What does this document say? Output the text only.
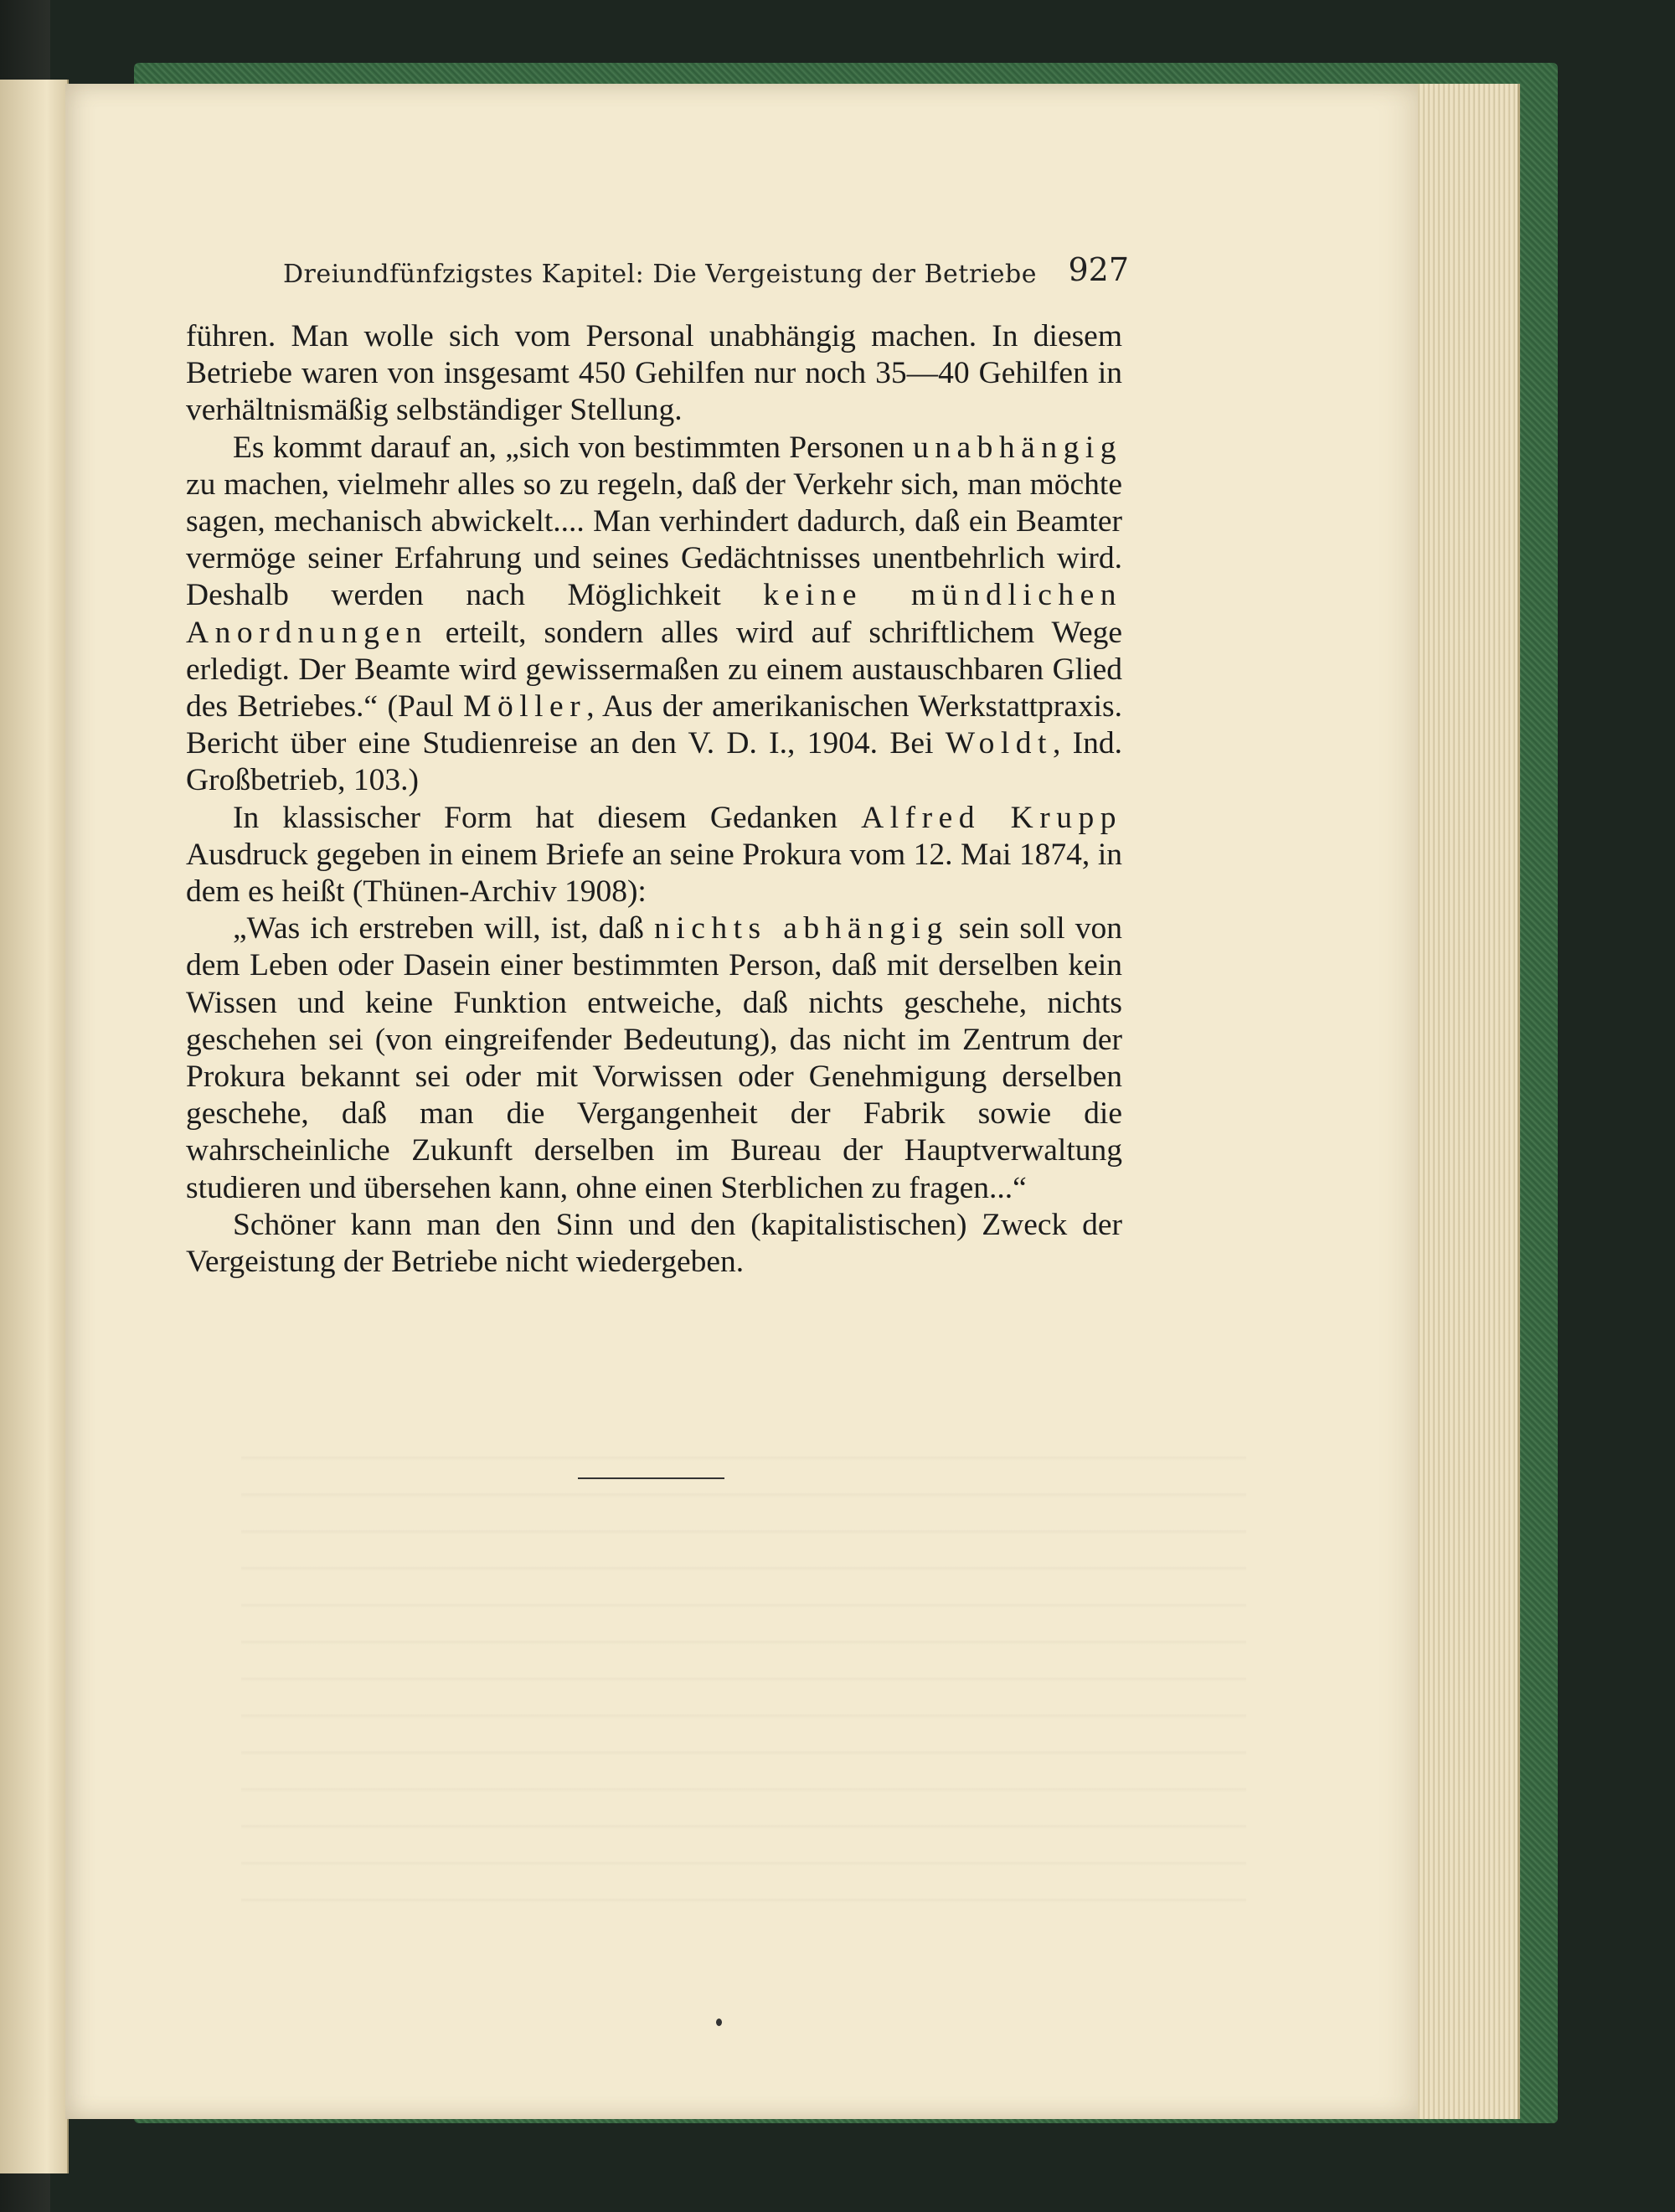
Dreiundfünfzigstes Kapitel: Die Vergeistung der Betriebe 927

führen. Man wolle sich vom Personal unabhängig machen. In diesem Betriebe waren von insgesamt 450 Gehilfen nur noch 35—40 Gehilfen in verhältnismäßig selbständiger Stellung.

Es kommt darauf an, „sich von bestimmten Personen unabhängig zu machen, vielmehr alles so zu regeln, daß der Verkehr sich, man möchte sagen, mechanisch abwickelt.... Man verhindert dadurch, daß ein Beamter vermöge seiner Erfahrung und seines Gedächtnisses unentbehrlich wird. Deshalb werden nach Möglichkeit keine mündlichen Anordnungen erteilt, sondern alles wird auf schriftlichem Wege erledigt. Der Beamte wird gewissermaßen zu einem austauschbaren Glied des Betriebes.“ (Paul Möller, Aus der amerikanischen Werkstattpraxis. Bericht über eine Studienreise an den V. D. I., 1904. Bei Woldt, Ind. Großbetrieb, 103.)

In klassischer Form hat diesem Gedanken Alfred Krupp Ausdruck gegeben in einem Briefe an seine Prokura vom 12. Mai 1874, in dem es heißt (Thünen-Archiv 1908):

„Was ich erstreben will, ist, daß nichts abhängig sein soll von dem Leben oder Dasein einer bestimmten Person, daß mit derselben kein Wissen und keine Funktion entweiche, daß nichts geschehe, nichts geschehen sei (von eingreifender Bedeutung), das nicht im Zentrum der Prokura bekannt sei oder mit Vorwissen oder Genehmigung derselben geschehe, daß man die Vergangenheit der Fabrik sowie die wahrscheinliche Zukunft derselben im Bureau der Hauptverwaltung studieren und übersehen kann, ohne einen Sterblichen zu fragen...“

Schöner kann man den Sinn und den (kapitalistischen) Zweck der Vergeistung der Betriebe nicht wiedergeben.
